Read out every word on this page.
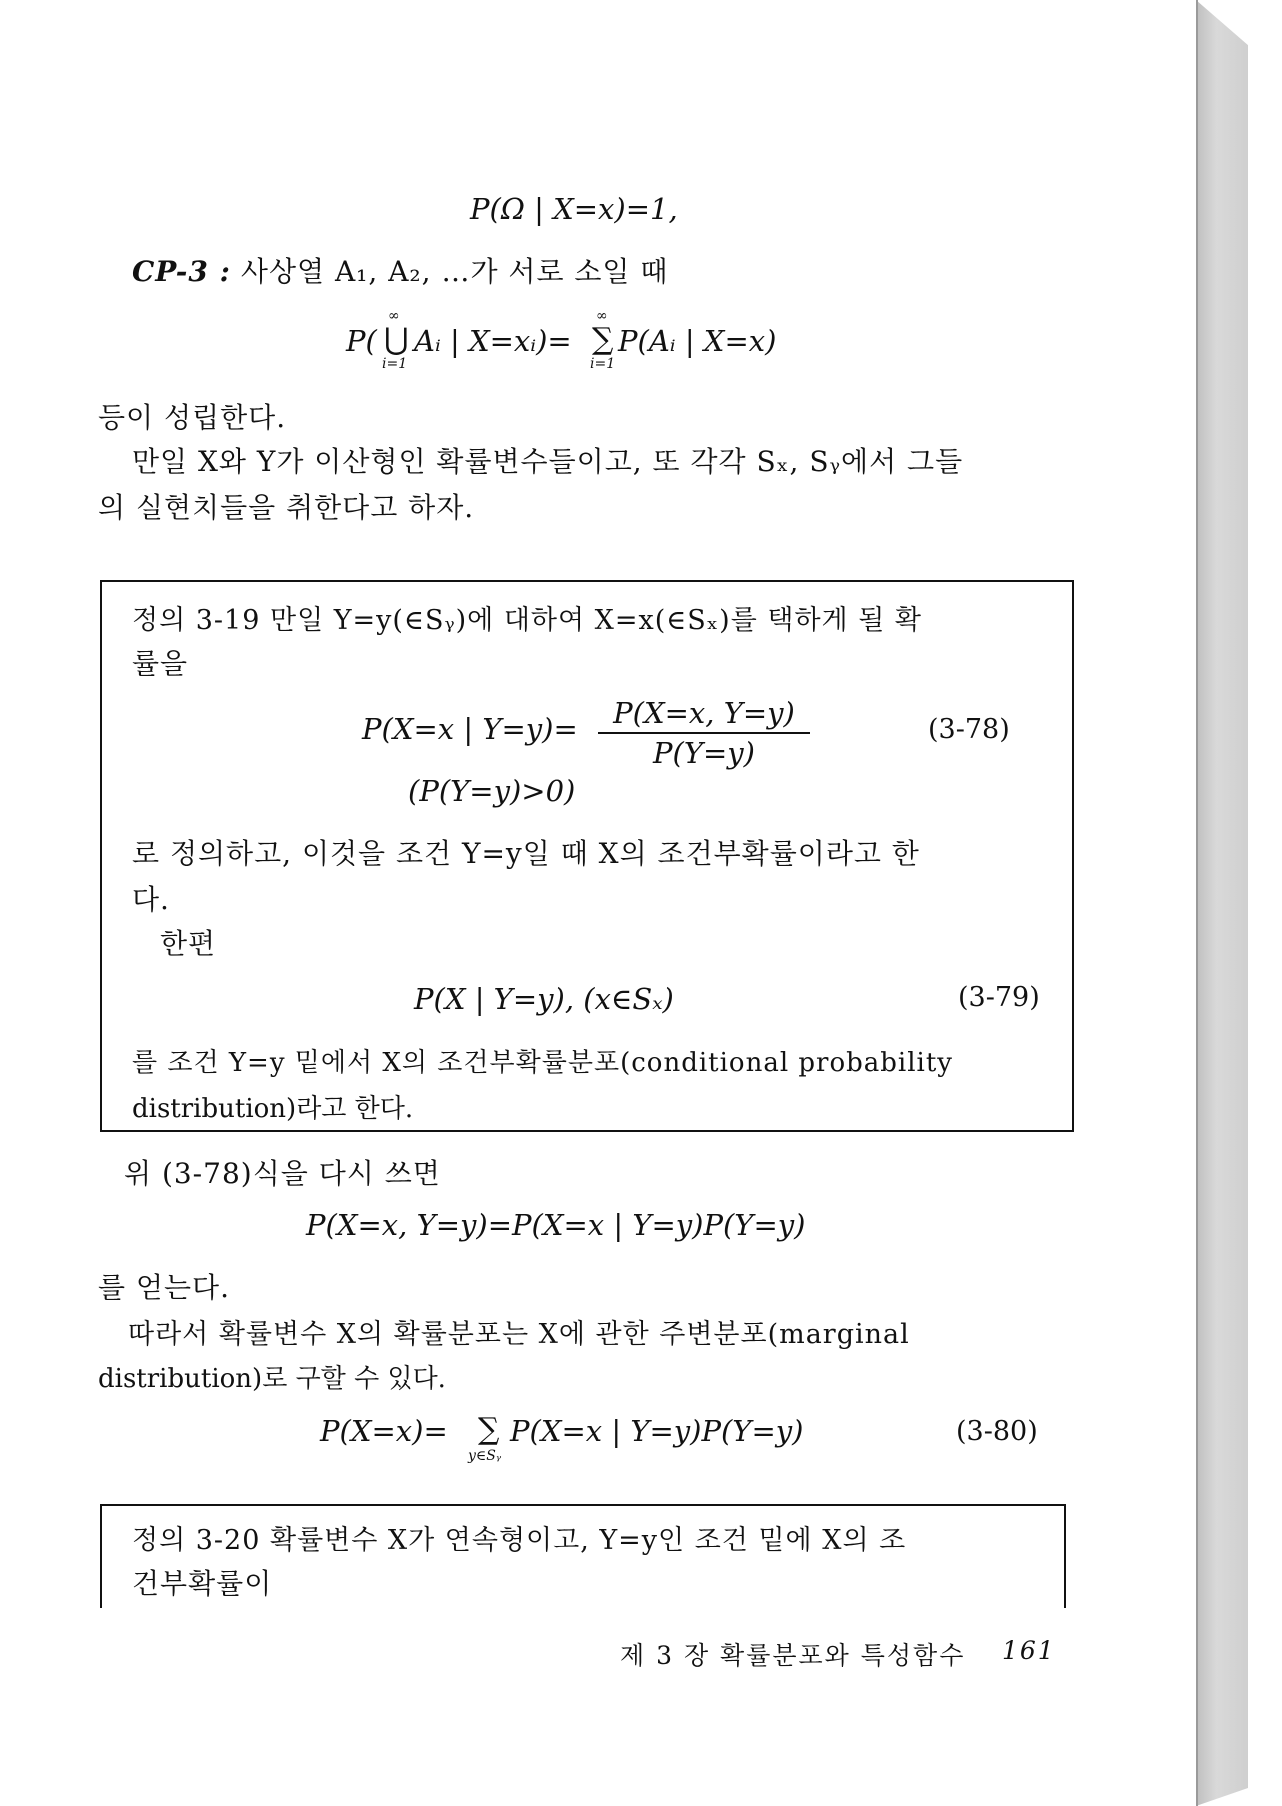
P(Ω | X=x)=1,
CP-3 : 사상열 A₁, A₂, …가 서로 소일 때
P( ⋃
∞
i=1
Aᵢ | X=xᵢ)= ∑
∞
i=1
P(Aᵢ | X=x)
등이 성립한다.
만일 X와 Y가 이산형인 확률변수들이고, 또 각각 Sₓ, Sᵧ에서 그들
의 실현치들을 취한다고 하자.
정의 3-19 만일 Y=y(∈Sᵧ)에 대하여 X=x(∈Sₓ)를 택하게 될 확
률을
P(X=x | Y=y)=	P(X=x, Y=y)
P(Y=y)
(3-78)
(P(Y=y)>0)
로 정의하고, 이것을 조건 Y=y일 때 X의 조건부확률이라고 한
다.
한편
P(X | Y=y), (x∈Sₓ)	(3-79)
를 조건 Y=y 밑에서 X의 조건부확률분포(conditional probability
distribution)라고 한다.
위 (3-78)식을 다시 쓰면
P(X=x, Y=y)=P(X=x | Y=y)P(Y=y)
를 얻는다.
따라서 확률변수 X의 확률분포는 X에 관한 주변분포(marginal
distribution)로 구할 수 있다.
P(X=x)= ∑
y∈Sᵧ
P(X=x | Y=y)P(Y=y)	(3-80)
정의 3-20 확률변수 X가 연속형이고, Y=y인 조건 밑에 X의 조
건부확률이
제 3 장 확률분포와 특성함수 161
